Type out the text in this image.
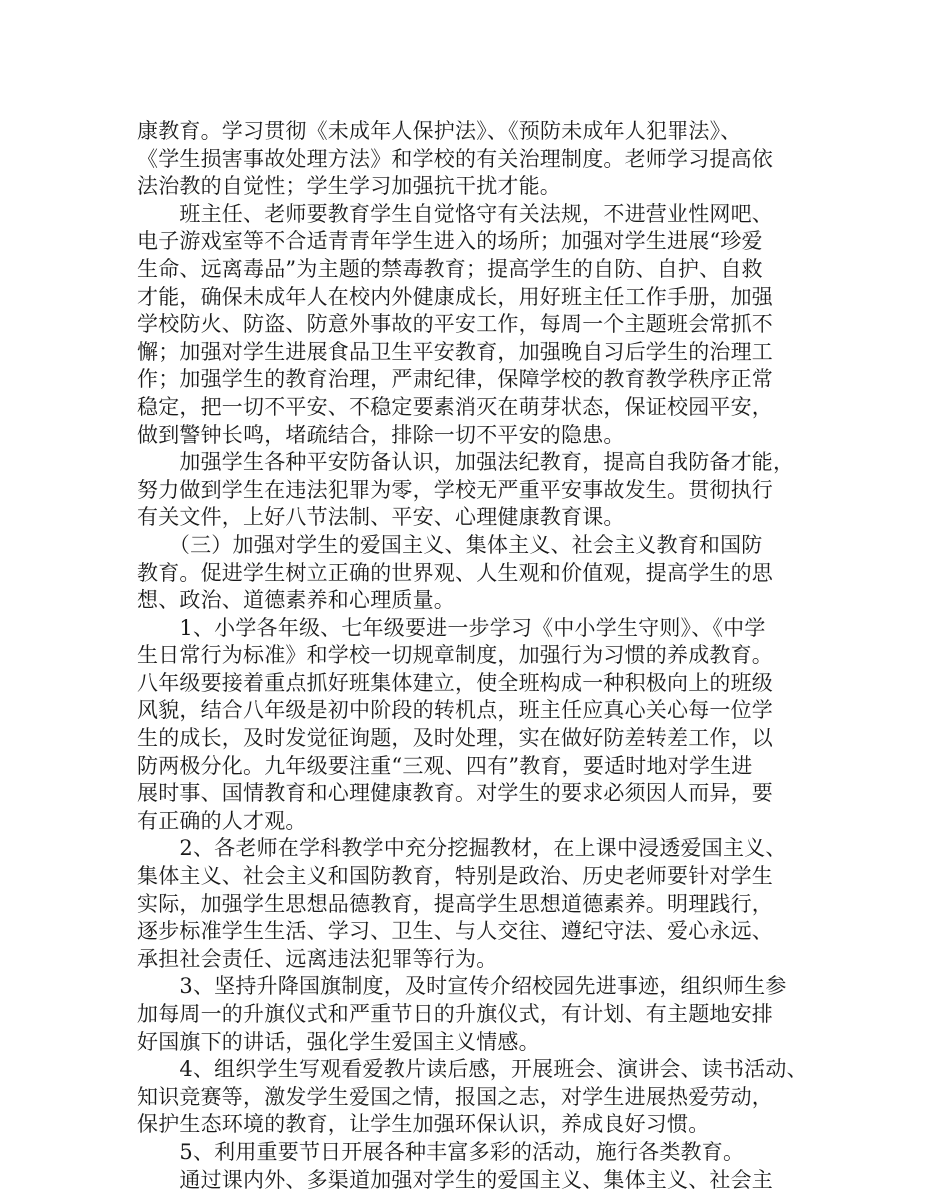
康教育。学习贯彻《未成年人保护法》、《预防未成年人犯罪法》、
《学生损害事故处理方法》和学校的有关治理制度。老师学习提高依
法治教的自觉性；学生学习加强抗干扰才能。
　　班主任、老师要教育学生自觉恪守有关法规，不进营业性网吧、
电子游戏室等不合适青青年学生进入的场所；加强对学生进展“珍爱
生命、远离毒品”为主题的禁毒教育；提高学生的自防、自护、自救
才能，确保未成年人在校内外健康成长，用好班主任工作手册，加强
学校防火、防盗、防意外事故的平安工作，每周一个主题班会常抓不
懈；加强对学生进展食品卫生平安教育，加强晚自习后学生的治理工
作；加强学生的教育治理，严肃纪律，保障学校的教育教学秩序正常
稳定，把一切不平安、不稳定要素消灭在萌芽状态，保证校园平安，
做到警钟长鸣，堵疏结合，排除一切不平安的隐患。
　　加强学生各种平安防备认识，加强法纪教育，提高自我防备才能，
努力做到学生在违法犯罪为零，学校无严重平安事故发生。贯彻执行
有关文件，上好八节法制、平安、心理健康教育课。
　　（三）加强对学生的爱国主义、集体主义、社会主义教育和国防
教育。促进学生树立正确的世界观、人生观和价值观，提高学生的思
想、政治、道德素养和心理质量。
　　1、小学各年级、七年级要进一步学习《中小学生守则》、《中学
生日常行为标准》和学校一切规章制度，加强行为习惯的养成教育。
八年级要接着重点抓好班集体建立，使全班构成一种积极向上的班级
风貌，结合八年级是初中阶段的转机点，班主任应真心关心每一位学
生的成长，及时发觉征询题，及时处理，实在做好防差转差工作，以
防两极分化。九年级要注重“三观、四有”教育，要适时地对学生进
展时事、国情教育和心理健康教育。对学生的要求必须因人而异，要
有正确的人才观。
　　2、各老师在学科教学中充分挖掘教材，在上课中浸透爱国主义、
集体主义、社会主义和国防教育，特别是政治、历史老师要针对学生
实际，加强学生思想品德教育，提高学生思想道德素养。明理践行，
逐步标准学生生活、学习、卫生、与人交往、遵纪守法、爱心永远、
承担社会责任、远离违法犯罪等行为。
　　3、坚持升降国旗制度，及时宣传介绍校园先进事迹，组织师生参
加每周一的升旗仪式和严重节日的升旗仪式，有计划、有主题地安排
好国旗下的讲话，强化学生爱国主义情感。
　　4、组织学生写观看爱教片读后感，开展班会、演讲会、读书活动、
知识竞赛等，激发学生爱国之情，报国之志，对学生进展热爱劳动，
保护生态环境的教育，让学生加强环保认识，养成良好习惯。
　　5、利用重要节日开展各种丰富多彩的活动，施行各类教育。
　　通过课内外、多渠道加强对学生的爱国主义、集体主义、社会主
